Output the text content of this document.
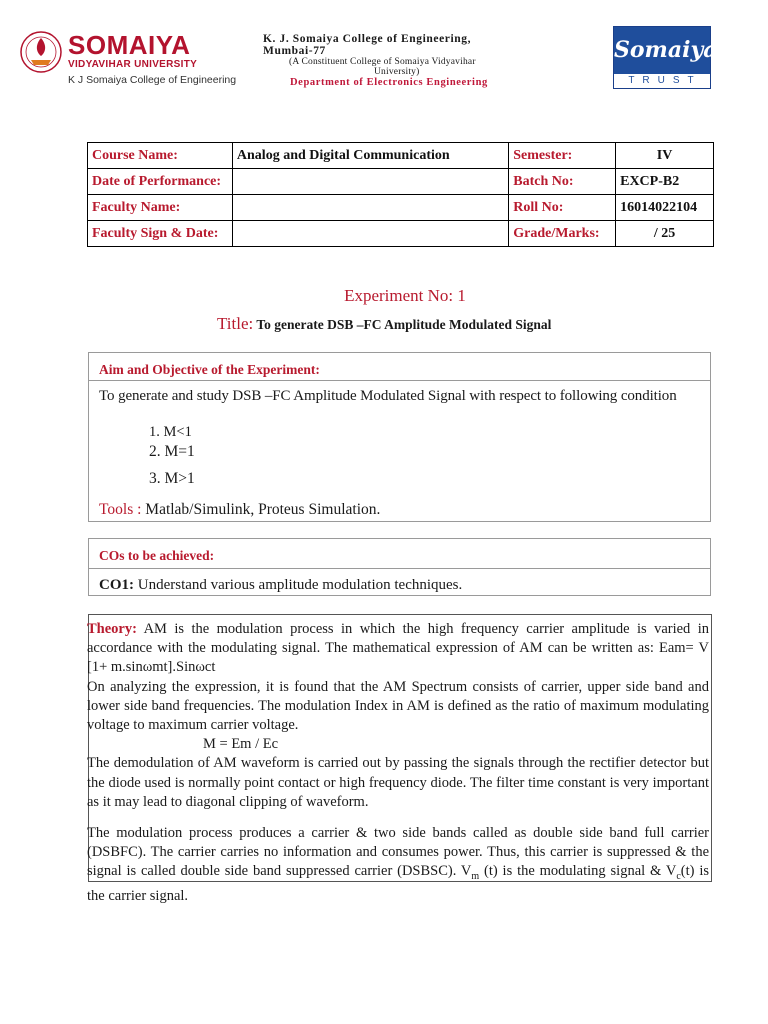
SOMAIYA
VIDYAVIHAR UNIVERSITY
K J Somaiya College of Engineering
K. J. Somaiya College of Engineering,
Mumbai-77
(A Constituent College of Somaiya Vidyavihar
University)
Department of Electronics Engineering
Somaiya
TRUST
Course Name:	Analog and Digital Communication	Semester:	IV
Date of Performance:		Batch No:	EXCP-B2
Faculty Name:		Roll No:	16014022104
Faculty Sign & Date:		Grade/Marks:	/ 25
Experiment No: 1
Title: To generate DSB –FC Amplitude Modulated Signal
Aim and Objective of the Experiment:
To generate and study DSB –FC Amplitude Modulated Signal with respect to following condition
1. M<1
2. M=1
3. M>1
Tools : Matlab/Simulink, Proteus Simulation.
COs to be achieved:
CO1: Understand various amplitude modulation techniques.

Theory: AM is the modulation process in which the high frequency carrier amplitude is varied in accordance with the modulating signal. The mathematical expression of AM can be written as: Eam= V [1+ m.sinωmt].Sinωct

On analyzing the expression, it is found that the AM Spectrum consists of carrier, upper side band and lower side band frequencies. The modulation Index in AM is defined as the ratio of maximum modulating voltage to maximum carrier voltage.

M = Em / Ec

The demodulation of AM waveform is carried out by passing the signals through the rectifier detector but the diode used is normally point contact or high frequency diode. The filter time constant is very important as it may lead to diagonal clipping of waveform.

The modulation process produces a carrier & two side bands called as double side band full carrier (DSBFC). The carrier carries no information and consumes power. Thus, this carrier is suppressed & the signal is called double side band suppressed carrier (DSBSC). $V_m$ (t) is the modulating signal & $V_c(t)$ is the carrier signal.
